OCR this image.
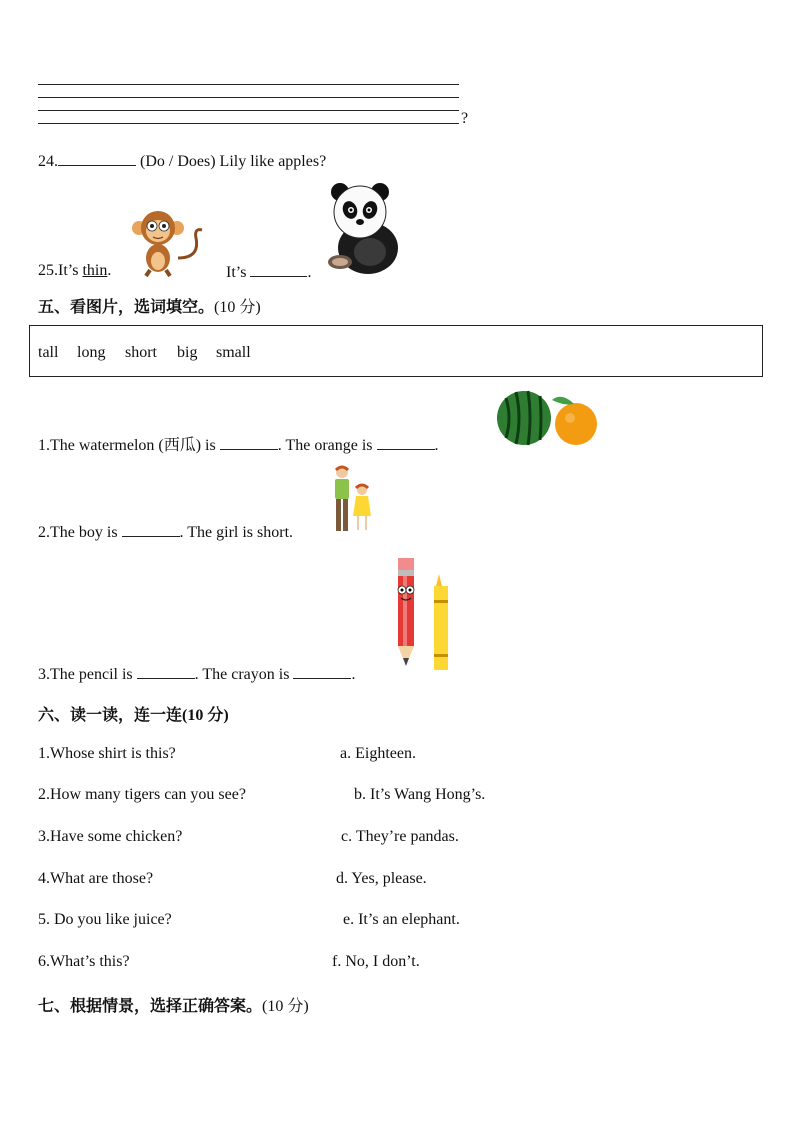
?
24.	(Do / Does) Lily like apples?
25.It’s thin.	It’s	.
五、看图片，选词填空。(10 分)
tall long short big small
1.The watermelon (西瓜) is	. The orange is	.
2.The boy is	. The girl is short.
3.The pencil is	. The crayon is	.
六、读一读，连一连(10 分)
1.Whose shirt is this?	a. Eighteen.
2.How many tigers can you see?	b. It’s Wang Hong’s.
3.Have some chicken?	c. They’re pandas.
4.What are those?	d. Yes, please.
5. Do you like juice?	e. It’s an elephant.
6.What’s this?	f. No, I don’t.
七、根据情景，选择正确答案。(10 分)
